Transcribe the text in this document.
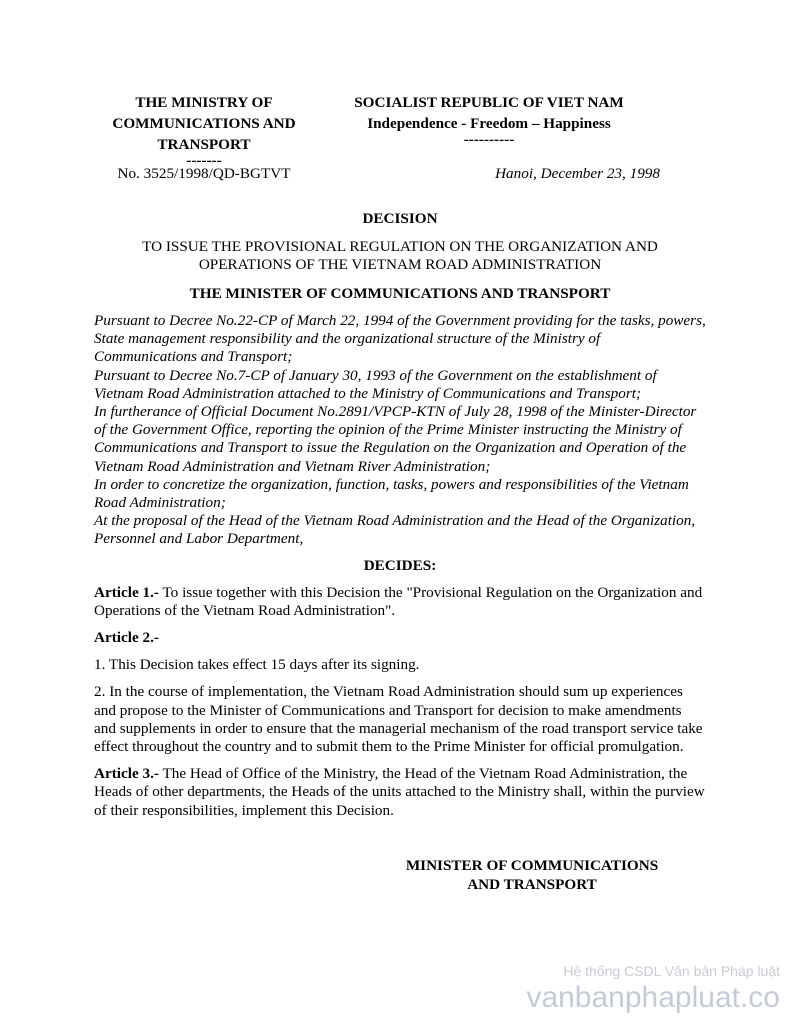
THE MINISTRY OF
COMMUNICATIONS AND
TRANSPORT
-------
SOCIALIST REPUBLIC OF VIET NAM
Independence - Freedom – Happiness
----------
No. 3525/1998/QD-BGTVT	Hanoi, December 23, 1998
DECISION
TO ISSUE THE PROVISIONAL REGULATION ON THE ORGANIZATION AND OPERATIONS OF THE VIETNAM ROAD ADMINISTRATION
THE MINISTER OF COMMUNICATIONS AND TRANSPORT

Pursuant to Decree No.22-CP of March 22, 1994 of the Government providing for the tasks, powers, State management responsibility and the organizational structure of the Ministry of Communications and Transport;

Pursuant to Decree No.7-CP of January 30, 1993 of the Government on the establishment of Vietnam Road Administration attached to the Ministry of Communications and Transport;

In furtherance of Official Document No.2891/VPCP-KTN of July 28, 1998 of the Minister-Director of the Government Office, reporting the opinion of the Prime Minister instructing the Ministry of Communications and Transport to issue the Regulation on the Organization and Operation of the Vietnam Road Administration and Vietnam River Administration;

In order to concretize the organization, function, tasks, powers and responsibilities of the Vietnam Road Administration;

At the proposal of the Head of the Vietnam Road Administration and the Head of the Organization, Personnel and Labor Department,

DECIDES:
Article 1.- To issue together with this Decision the "Provisional Regulation on the Organization and Operations of the Vietnam Road Administration".
Article 2.-

1. This Decision takes effect 15 days after its signing.

2. In the course of implementation, the Vietnam Road Administration should sum up experiences and propose to the Minister of Communications and Transport for decision to make amendments and supplements in order to ensure that the managerial mechanism of the road transport service take effect throughout the country and to submit them to the Prime Minister for official promulgation.

Article 3.- The Head of Office of the Ministry, the Head of the Vietnam Road Administration, the Heads of other departments, the Heads of the units attached to the Ministry shall, within the purview of their responsibilities, implement this Decision.
MINISTER OF COMMUNICATIONS
AND TRANSPORT
Hệ thống CSDL Văn bản Pháp luật
vanbanphapluat.co
